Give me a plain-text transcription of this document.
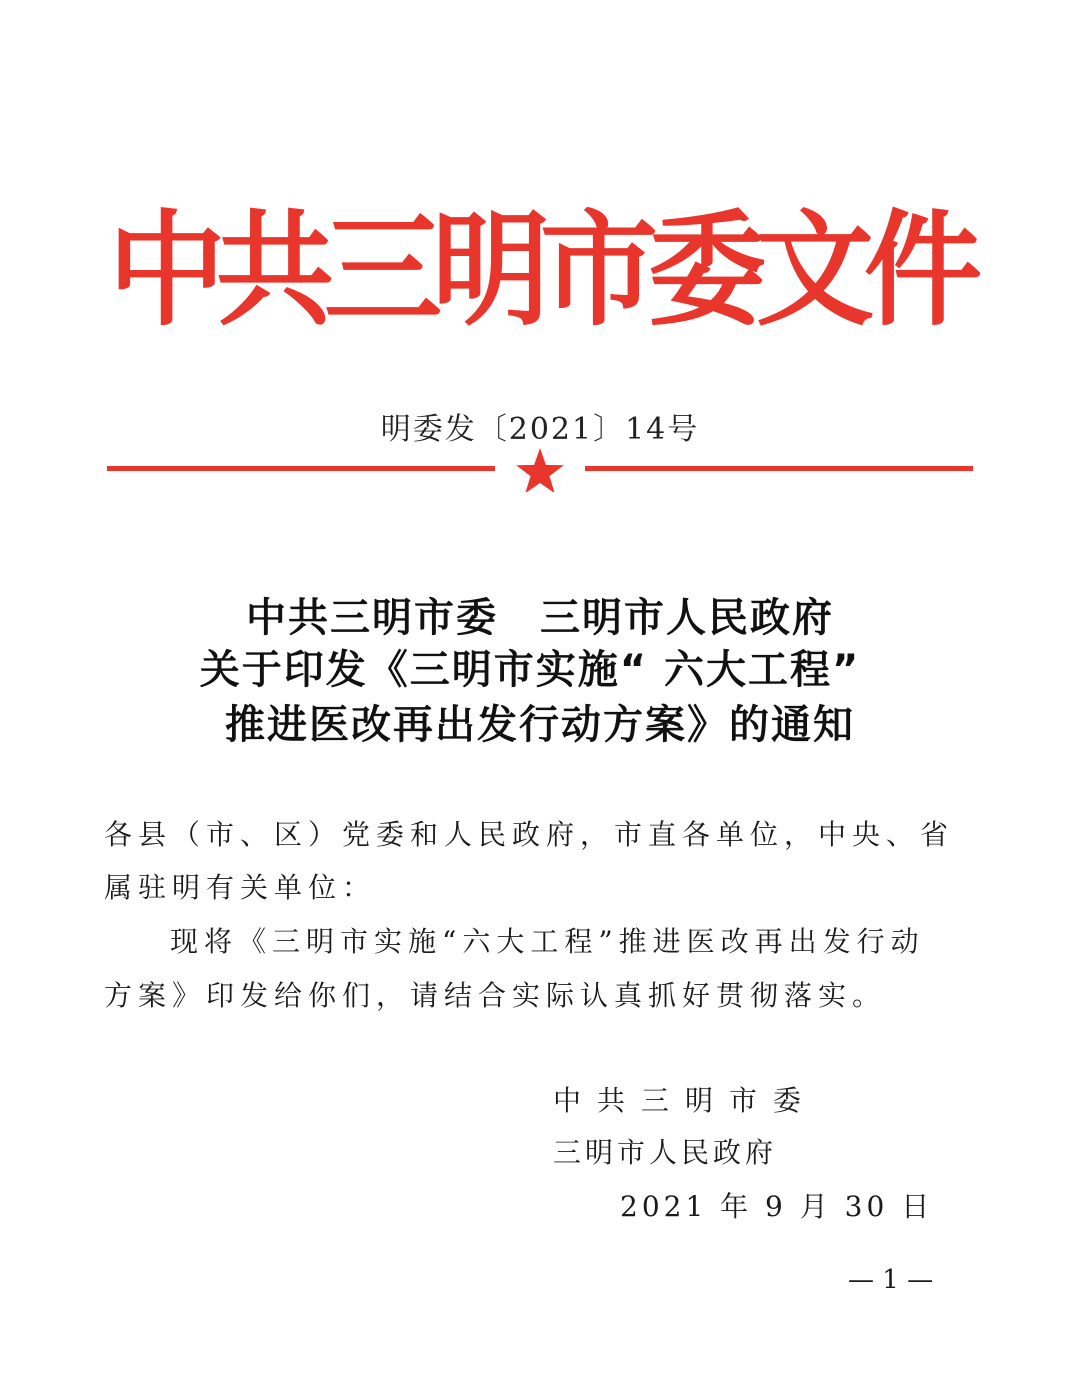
中共三明市委文件
明委发〔2021〕14号
中共三明市委　三明市人民政府
关于印发《三明市实施“ 六大工程”
推进医改再出发行动方案》的通知
各县（市、区）党委和人民政府，市直各单位，中央、省
属驻明有关单位：
现将《三明市实施“六大工程”推进医改再出发行动
方案》印发给你们，请结合实际认真抓好贯彻落实。
中共三明市委
三明市人民政府
2021 年 9 月 30 日
— 1 —
